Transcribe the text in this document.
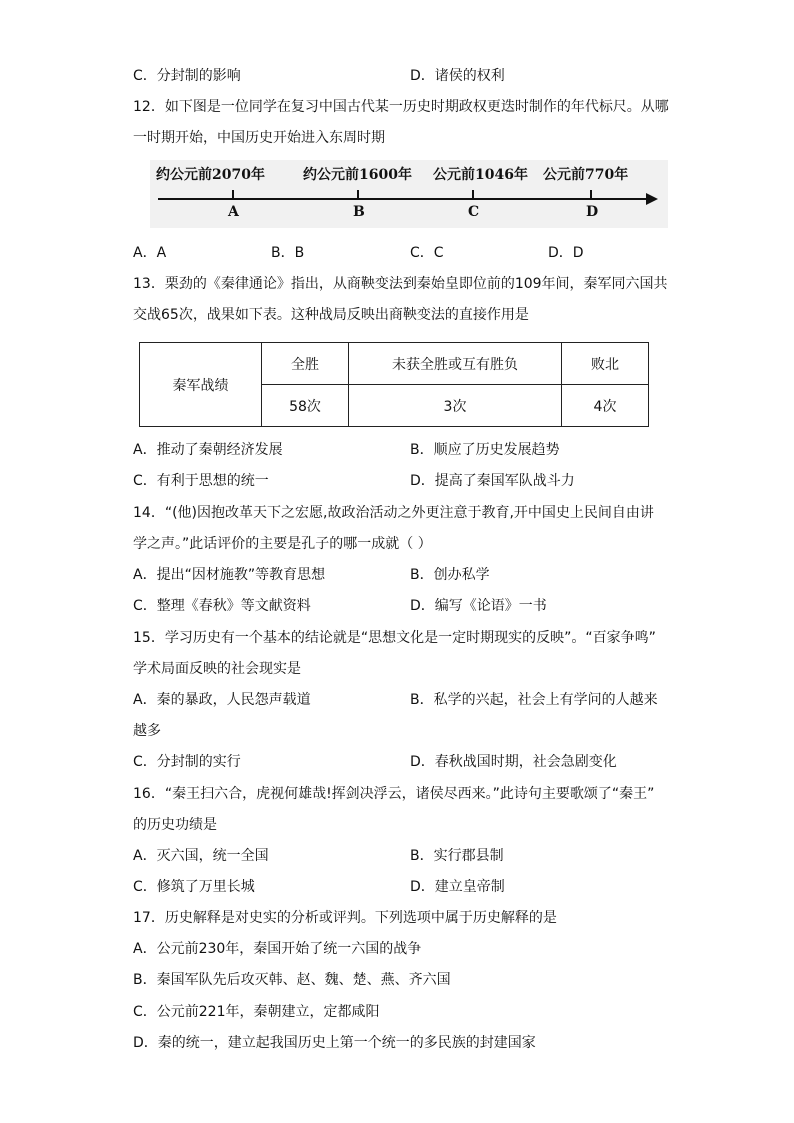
C．分封制的影响	D．诸侯的权利
12．如下图是一位同学在复习中国古代某一历史时期政权更迭时制作的年代标尺。从哪
一时期开始，中国历史开始进入东周时期
约公元前2070年	约公元前1600年 公元前1046年 公元前770年
A	B	C	D
A．A	B．B	C．C	D．D
13．栗劲的《秦律通论》指出，从商鞅变法到秦始皇即位前的109年间，秦军同六国共
交战65次，战果如下表。这种战局反映出商鞅变法的直接作用是
秦军战绩	全胜	未获全胜或互有胜负	败北
	58次	3次	4次
A．推动了秦朝经济发展	B．顺应了历史发展趋势
C．有利于思想的统一	D．提高了秦国军队战斗力
14．“(他)因抱改革天下之宏愿,故政治活动之外更注意于教育,开中国史上民间自由讲
学之声。”此话评价的主要是孔子的哪一成就（ ）
A．提出“因材施教”等教育思想	B．创办私学
C．整理《春秋》等文献资料	D．编写《论语》一书
15．学习历史有一个基本的结论就是“思想文化是一定时期现实的反映”。“百家争鸣”
学术局面反映的社会现实是
A．秦的暴政，人民怨声载道	B．私学的兴起，社会上有学问的人越来
越多
C．分封制的实行	D．春秋战国时期，社会急剧变化
16．“秦王扫六合，虎视何雄哉!挥剑决浮云，诸侯尽西来。”此诗句主要歌颂了“秦王”
的历史功绩是
A．灭六国，统一全国	B．实行郡县制
C．修筑了万里长城	D．建立皇帝制
17．历史解释是对史实的分析或评判。下列选项中属于历史解释的是
A．公元前230年，秦国开始了统一六国的战争
B．秦国军队先后攻灭韩、赵、魏、楚、燕、齐六国
C．公元前221年，秦朝建立，定都咸阳
D．秦的统一，建立起我国历史上第一个统一的多民族的封建国家
